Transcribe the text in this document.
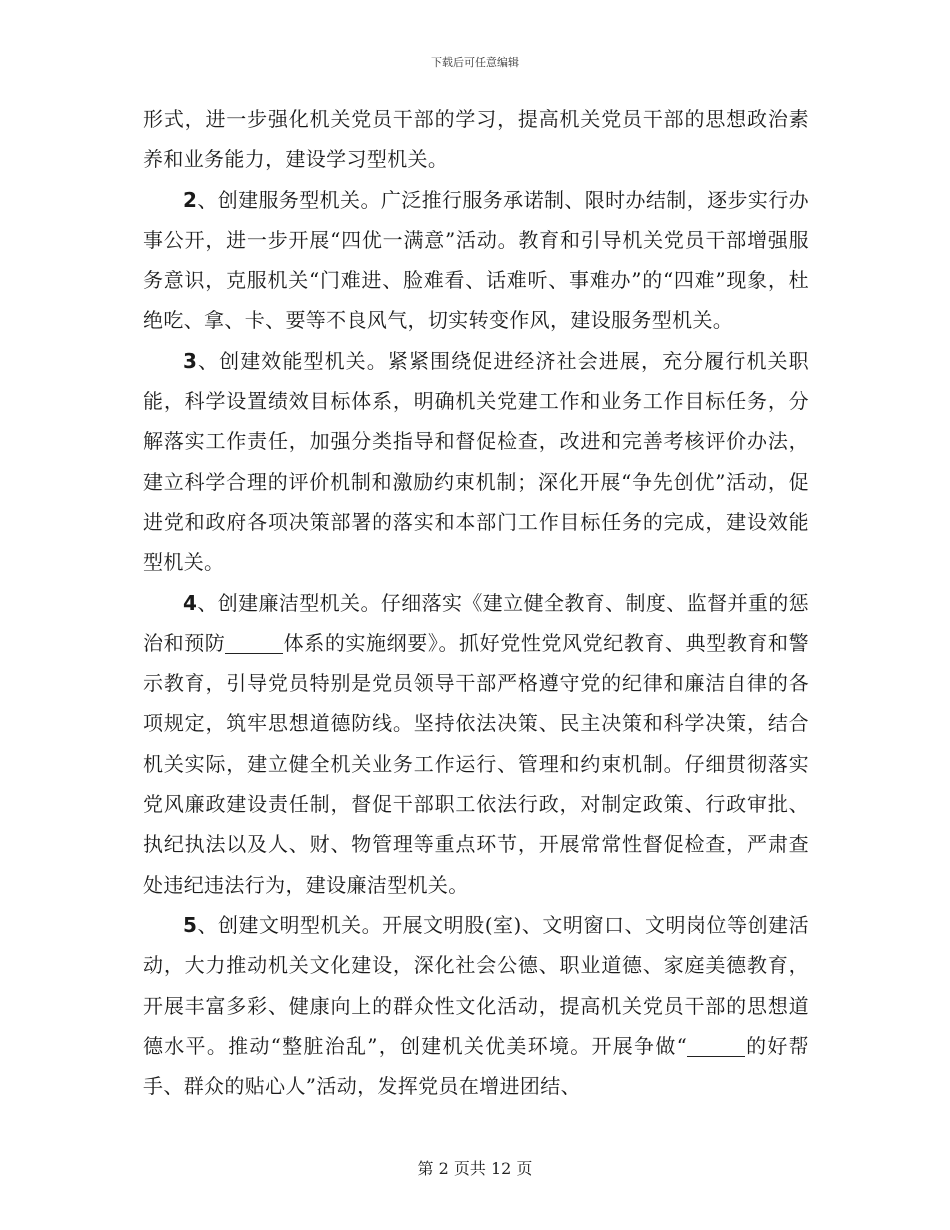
下载后可任意编辑

形式，进一步强化机关党员干部的学习，提高机关党员干部的思想政治素养和业务能力，建设学习型机关。

2、创建服务型机关。广泛推行服务承诺制、限时办结制，逐步实行办事公开，进一步开展“四优一满意”活动。教育和引导机关党员干部增强服务意识，克服机关“门难进、脸难看、话难听、事难办”的“四难”现象，杜绝吃、拿、卡、要等不良风气，切实转变作风，建设服务型机关。

3、创建效能型机关。紧紧围绕促进经济社会进展，充分履行机关职能，科学设置绩效目标体系，明确机关党建工作和业务工作目标任务，分解落实工作责任，加强分类指导和督促检查，改进和完善考核评价办法，建立科学合理的评价机制和激励约束机制；深化开展“争先创优”活动，促进党和政府各项决策部署的落实和本部门工作目标任务的完成，建设效能型机关。

4、创建廉洁型机关。仔细落实《建立健全教育、制度、监督并重的惩治和预防	体系的实施纲要》。抓好党性党风党纪教育、典型教育和警示教育，引导党员特别是党员领导干部严格遵守党的纪律和廉洁自律的各项规定，筑牢思想道德防线。坚持依法决策、民主决策和科学决策，结合机关实际，建立健全机关业务工作运行、管理和约束机制。仔细贯彻落实党风廉政建设责任制，督促干部职工依法行政，对制定政策、行政审批、执纪执法以及人、财、物管理等重点环节，开展常常性督促检查，严肃查处违纪违法行为，建设廉洁型机关。

5、创建文明型机关。开展文明股(室)、文明窗口、文明岗位等创建活动，大力推动机关文化建设，深化社会公德、职业道德、家庭美德教育，开展丰富多彩、健康向上的群众性文化活动，提高机关党员干部的思想道德水平。推动“整脏治乱”，创建机关优美环境。开展争做“	的好帮手、群众的贴心人”活动，发挥党员在增进团结、

第 2 页共 12 页
